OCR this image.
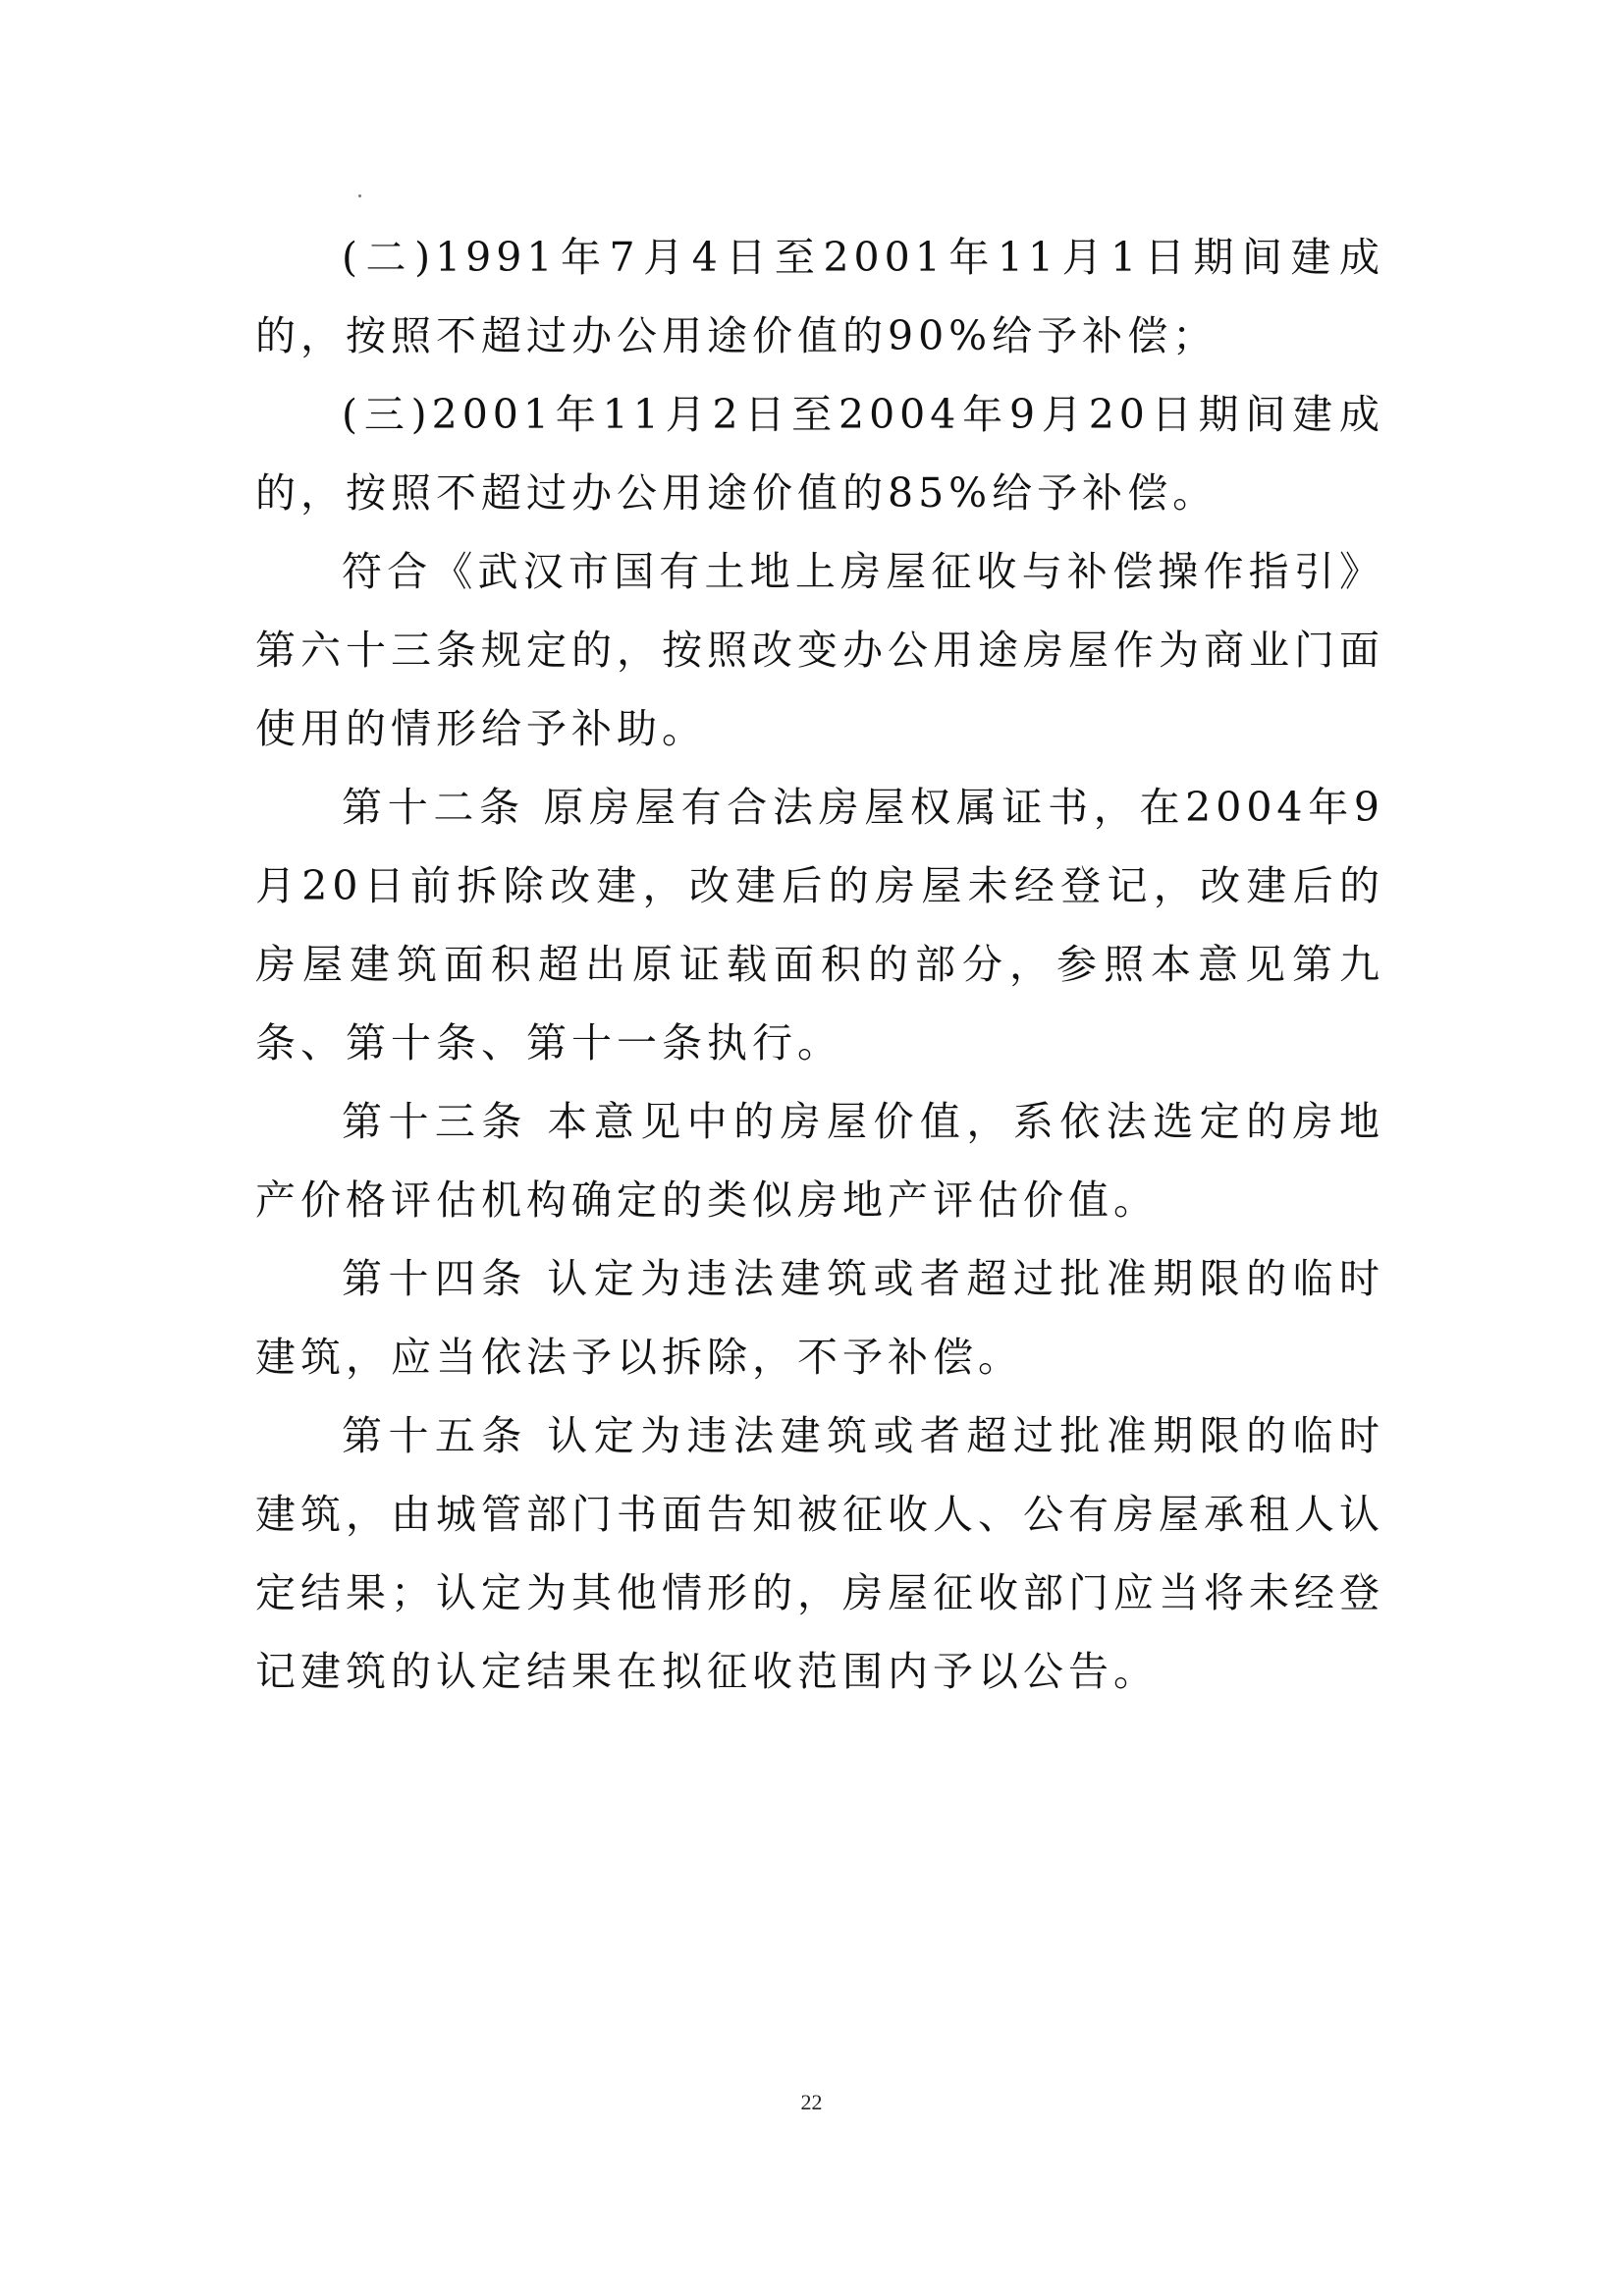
(二)1991年7月4日至2001年11月1日期间建成的，按照不超过办公用途价值的90%给予补偿；

(三)2001年11月2日至2004年9月20日期间建成的，按照不超过办公用途价值的85%给予补偿。

符合《武汉市国有土地上房屋征收与补偿操作指引》第六十三条规定的，按照改变办公用途房屋作为商业门面使用的情形给予补助。

第十二条 原房屋有合法房屋权属证书，在2004年9月20日前拆除改建，改建后的房屋未经登记，改建后的房屋建筑面积超出原证载面积的部分，参照本意见第九条、第十条、第十一条执行。

第十三条 本意见中的房屋价值，系依法选定的房地产价格评估机构确定的类似房地产评估价值。

第十四条 认定为违法建筑或者超过批准期限的临时建筑，应当依法予以拆除，不予补偿。

第十五条 认定为违法建筑或者超过批准期限的临时建筑，由城管部门书面告知被征收人、公有房屋承租人认定结果；认定为其他情形的，房屋征收部门应当将未经登记建筑的认定结果在拟征收范围内予以公告。

22
